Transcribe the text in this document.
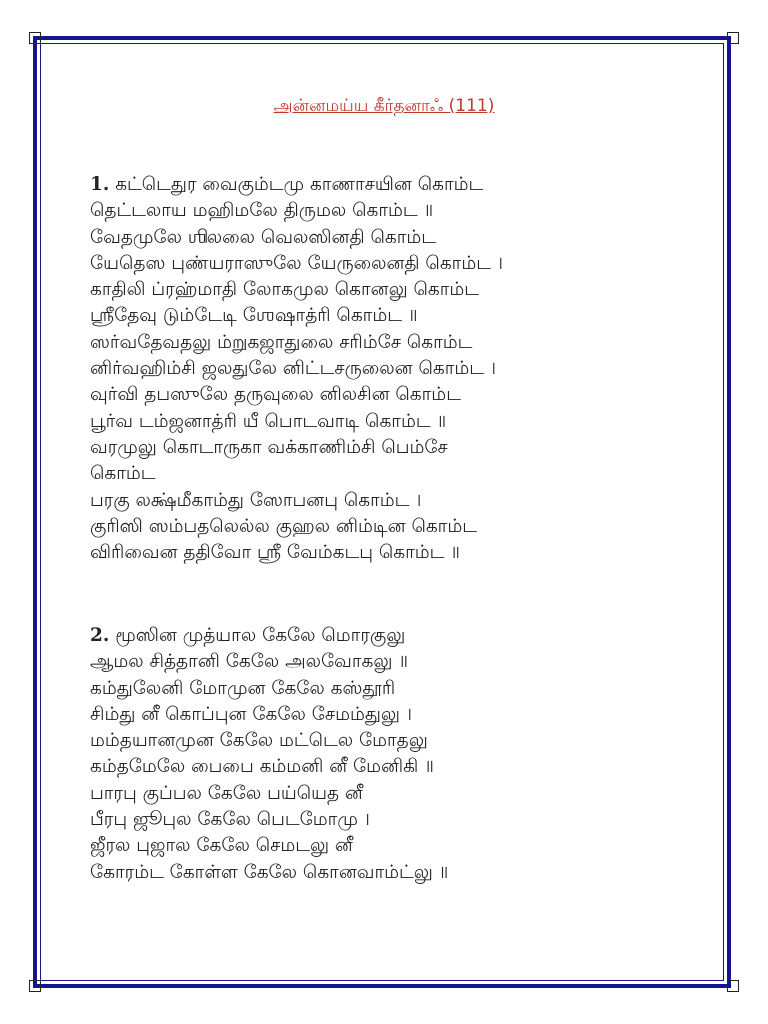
அன்னமய்ய கீர்தனாஃ (111)
1. கட்டெதுர வைகும்டமு காணாசயின கொம்ட
தெட்டலாய மஹிமலே திருமல கொம்ட ॥
வேதமுலே ஶிலலை வெலஸினதி கொம்ட
யேதெஸ புண்யராஸுலே யேருலைனதி கொம்ட ।
காதிலி ப்ரஹ்மாதி லோகமுல கொனலு கொம்ட
ஶ்ரீதேவு டும்டேடி ஶேஷாத்ரி கொம்ட ॥
ஸர்வதேவதலு ம்றுகஜாதுலை சரிம்சே கொம்ட
னிர்வஹிம்சி ஜலதுலே னிட்டசருலைன கொம்ட ।
வுர்வி தபஸுலே தருவுலை னிலசின கொம்ட
பூர்வ டம்ஜனாத்ரி யீ பொடவாடி கொம்ட ॥
வரமுலு கொடாருகா வக்காணிம்சி பெம்சே
கொம்ட
பரகு லக்ஷ்மீகாம்து ஸோபனபு கொம்ட ।
குரிஸி ஸம்பதலெல்ல குஹல னிம்டின கொம்ட
விரிவைன ததிவோ ஶ்ரீ வேம்கடபு கொம்ட ॥
2. மூஸின முத்யால கேலே மொரகுலு
ஆமல சித்தானி கேலே அலவோகலு ॥
கம்துலேனி மோமுன கேலே கஸ்தூரி
சிம்து னீ கொப்புன கேலே சேமம்துலு ।
மம்தயானமுன கேலே மட்டெல மோதலு
கம்தமேலே பைபை கம்மனி னீ மேனிகி ॥
பாரபு குப்பல கேலே பய்யெத னீ
பீரபு ஜூபுல கேலே பெடமோமு ।
ஜீரல புஜால கேலே செமடலு னீ
கோரம்ட கோள்ள கேலே கொனவாம்ட்லு ॥
